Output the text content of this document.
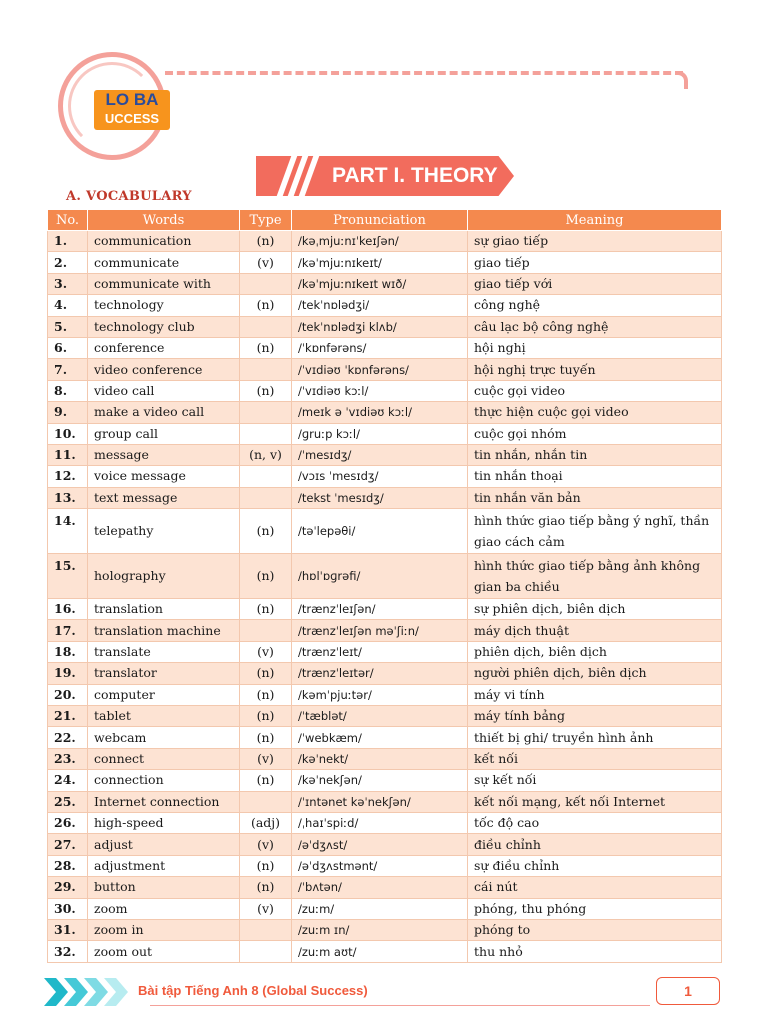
LO BA
UCCESS
PART I. THEORY
A. VOCABULARY
No.	Words	Type	Pronunciation	Meaning
1.	communication	(n)	/kəˌmjuːnɪˈkeɪʃən/	sự giao tiếp
2.	communicate	(v)	/kəˈmjuːnɪkeɪt/	giao tiếp
3.	communicate with		/kəˈmjuːnɪkeɪt wɪð/	giao tiếp với
4.	technology	(n)	/tekˈnɒlədʒi/	công nghệ
5.	technology club		/tekˈnɒlədʒi klʌb/	câu lạc bộ công nghệ
6.	conference	(n)	/ˈkɒnfərəns/	hội nghị
7.	video conference		/ˈvɪdiəʊ ˈkɒnfərəns/	hội nghị trực tuyến
8.	video call	(n)	/ˈvɪdiəʊ kɔːl/	cuộc gọi video
9.	make a video call		/meɪk ə ˈvɪdiəʊ kɔːl/	thực hiện cuộc gọi video
10.	group call		/ɡruːp kɔːl/	cuộc gọi nhóm
11.	message	(n, v)	/ˈmesɪdʒ/	tin nhắn, nhắn tin
12.	voice message		/vɔɪs ˈmesɪdʒ/	tin nhắn thoại
13.	text message		/tekst ˈmesɪdʒ/	tin nhắn văn bản
14.	telepathy	(n)	/təˈlepəθi/	hình thức giao tiếp bằng ý nghĩ, thần giao cách cảm
15.	holography	(n)	/hɒlˈɒɡrəfi/	hình thức giao tiếp bằng ảnh không gian ba chiều
16.	translation	(n)	/trænzˈleɪʃən/	sự phiên dịch, biên dịch
17.	translation machine		/trænzˈleɪʃən məˈʃiːn/	máy dịch thuật
18.	translate	(v)	/trænzˈleɪt/	phiên dịch, biên dịch
19.	translator	(n)	/trænzˈleɪtər/	người phiên dịch, biên dịch
20.	computer	(n)	/kəmˈpjuːtər/	máy vi tính
21.	tablet	(n)	/ˈtæblət/	máy tính bảng
22.	webcam	(n)	/ˈwebkæm/	thiết bị ghi/ truyền hình ảnh
23.	connect	(v)	/kəˈnekt/	kết nối
24.	connection	(n)	/kəˈnekʃən/	sự kết nối
25.	Internet connection		/ˈɪntənet kəˈnekʃən/	kết nối mạng, kết nối Internet
26.	high-speed	(adj)	/ˌhaɪˈspiːd/	tốc độ cao
27.	adjust	(v)	/əˈdʒʌst/	điều chỉnh
28.	adjustment	(n)	/əˈdʒʌstmənt/	sự điều chỉnh
29.	button	(n)	/ˈbʌtən/	cái nút
30.	zoom	(v)	/zuːm/	phóng, thu phóng
31.	zoom in		/zuːm ɪn/	phóng to
32.	zoom out		/zuːm aʊt/	thu nhỏ
Bài tập Tiếng Anh 8 (Global Success)	1
